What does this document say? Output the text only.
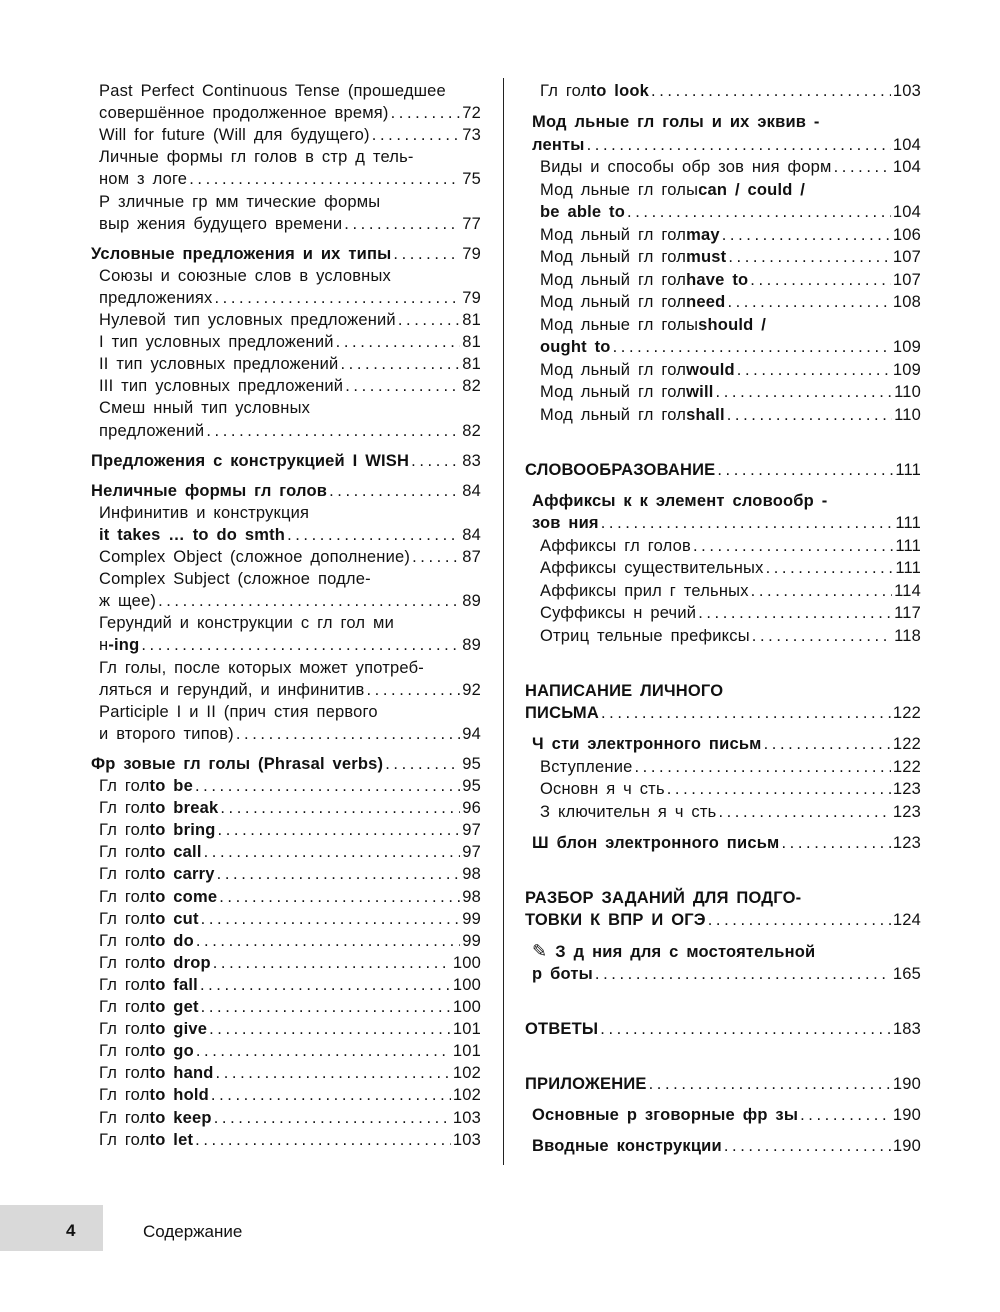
Past Perfect Continuous Tense (прошедшее
совершённое продолженное время) .....	72
Will for future (Will для будущего) .....	73
Личные формы гл голов в стр д тель-
ном з логе .....	75
Р зличные гр мм тические формы
выр жения будущего времени .....	77
Условные предложения и их типы .....	79
Союзы и союзные слов в условных
предложениях .....	79
Нулевой тип условных предложений .....	81
I тип условных предложений .....	81
II тип условных предложений .....	81
III тип условных предложений .....	82
Смеш нный тип условных
предложений .....	82
Предложения с конструкцией I WISH .....	83
Неличные формы гл голов .....	84
Инфинитив и конструкция
it takes … to do smth .....	84
Complex Object (сложное дополнение) .....	87
Complex Subject (сложное подле-
ж щее) .....	89
Герундий и конструкции с гл гол ми
н -ing .....	89
Гл голы, после которых может употреб-
ляться и герундий, и инфинитив .....	92
Participle I и II (прич стия первого
и второго типов) .....	94
Фр зовые гл голы (Phrasal verbs) .....	95
Гл гол to be .....	95
Гл гол to break .....	96
Гл гол to bring .....	97
Гл гол to call .....	97
Гл гол to carry .....	98
Гл гол to come .....	98
Гл гол to cut .....	99
Гл гол to do .....	99
Гл гол to drop .....	100
Гл гол to fall .....	100
Гл гол to get .....	100
Гл гол to give .....	101
Гл гол to go .....	101
Гл гол to hand .....	102
Гл гол to hold .....	102
Гл гол to keep .....	103
Гл гол to let .....	103
Гл гол to look .....	103
Мод льные гл голы и их эквив -
ленты .....	104
Виды и способы обр зов ния форм .....	104
Мод льные гл голы can / could /
be able to .....	104
Мод льный гл гол may .....	106
Мод льный гл гол must .....	107
Мод льный гл гол have to .....	107
Мод льный гл гол need .....	108
Мод льные гл голы should /
ought to .....	109
Мод льный гл гол would .....	109
Мод льный гл гол will .....	110
Мод льный гл гол shall .....	110
СЛОВООБРАЗОВАНИЕ .....	111
Аффиксы к к элемент словообр -
зов ния .....	111
Аффиксы гл голов .....	111
Аффиксы существительных .....	111
Аффиксы прил г тельных .....	114
Суффиксы н речий .....	117
Отриц тельные префиксы .....	118
НАПИСАНИЕ ЛИЧНОГО
ПИСЬМА .....	122
Ч сти электронного письм .....	122
Вступление .....	122
Основн я ч сть .....	123
З ключительн я ч сть .....	123
Ш блон электронного письм .....	123
РАЗБОР ЗАДАНИЙ ДЛЯ ПОДГО-
ТОВКИ К ВПР И ОГЭ .....	124
✎ З д ния для с мостоятельной
р боты .....	165
ОТВЕТЫ .....	183
ПРИЛОЖЕНИЕ .....	190
Основные р зговорные фр зы .....	190
Вводные конструкции .....	190
4	Содержание
